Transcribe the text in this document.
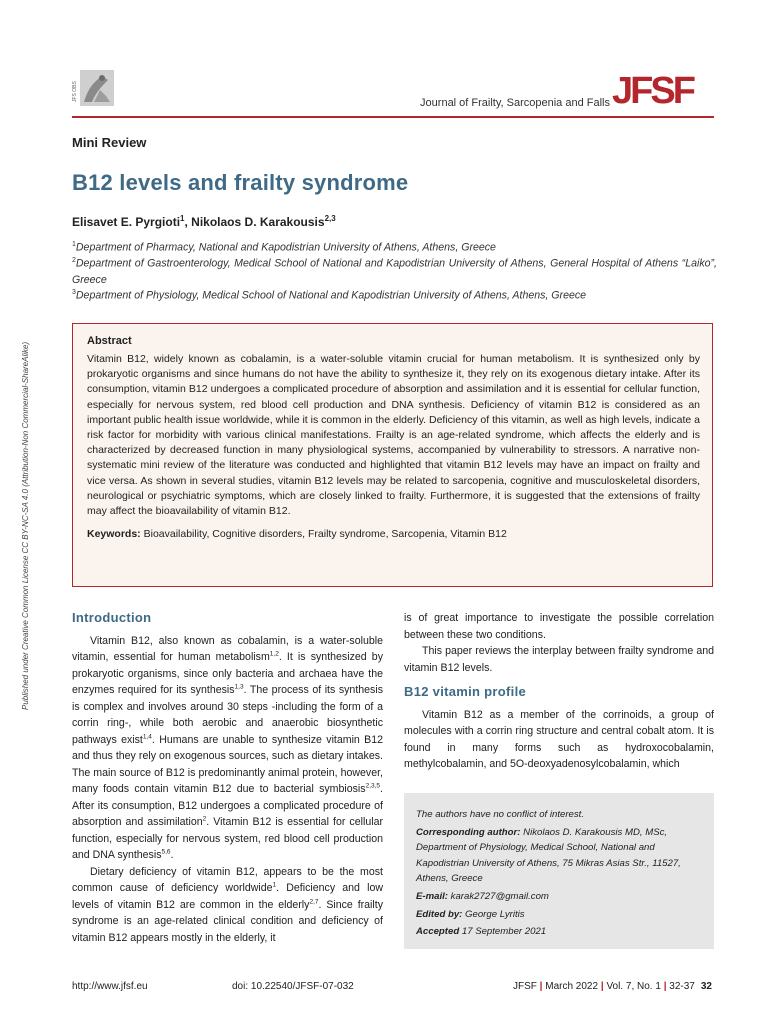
JFS OBS
Journal of Frailty, Sarcopenia and Falls JFSF
Mini Review
B12 levels and frailty syndrome
Elisavet E. Pyrgioti$^1$, Nikolaos D. Karakousis$^{2,3}$
$^1$Department of Pharmacy, National and Kapodistrian University of Athens, Athens, Greece
$^2$Department of Gastroenterology, Medical School of National and Kapodistrian University of Athens, General Hospital of Athens “Laiko”, Greece
$^3$Department of Physiology, Medical School of National and Kapodistrian University of Athens, Athens, Greece
Abstract
Vitamin B12, widely known as cobalamin, is a water-soluble vitamin crucial for human metabolism. It is synthesized only by prokaryotic organisms and since humans do not have the ability to synthesize it, they rely on its exogenous dietary intake. After its consumption, vitamin B12 undergoes a complicated procedure of absorption and assimilation and it is essential for cellular function, especially for nervous system, red blood cell production and DNA synthesis. Deficiency of vitamin B12 is considered as an important public health issue worldwide, while it is common in the elderly. Deficiency of this vitamin, as well as high levels, indicate a risk factor for morbidity with various clinical manifestations. Frailty is an age-related syndrome, which affects the elderly and is characterized by decreased function in many physiological systems, accompanied by vulnerability to stressors. A narrative non-systematic mini review of the literature was conducted and highlighted that vitamin B12 levels may have an impact on frailty and vice versa. As shown in several studies, vitamin B12 levels may be related to sarcopenia, cognitive and musculoskeletal disorders, neurological or psychiatric symptoms, which are closely linked to frailty. Furthermore, it is suggested that the extensions of frailty may affect the bioavailability of vitamin B12.
Keywords: Bioavailability, Cognitive disorders, Frailty syndrome, Sarcopenia, Vitamin B12
Introduction

Vitamin B12, also known as cobalamin, is a water-soluble vitamin, essential for human metabolism$^{1,2}$. It is synthesized by prokaryotic organisms, since only bacteria and archaea have the enzymes required for its synthesis$^{1,3}$. The process of its synthesis is complex and involves around 30 steps -including the form of a corrin ring-, while both aerobic and anaerobic biosynthetic pathways exist$^{1,4}$. Humans are unable to synthesize vitamin B12 and thus they rely on exogenous sources, such as dietary intakes. The main source of B12 is predominantly animal protein, however, many foods contain vitamin B12 due to bacterial symbiosis$^{2,3,5}$. After its consumption, B12 undergoes a complicated procedure of absorption and assimilation$^2$. Vitamin B12 is essential for cellular function, especially for nervous system, red blood cell production and DNA synthesis$^{5,6}$.

Dietary deficiency of vitamin B12, appears to be the most common cause of deficiency worldwide$^1$. Deficiency and low levels of vitamin B12 are common in the elderly$^{2,7}$. Since frailty syndrome is an age-related clinical condition and deficiency of vitamin B12 appears mostly in the elderly, it

is of great importance to investigate the possible correlation between these two conditions.

This paper reviews the interplay between frailty syndrome and vitamin B12 levels.

B12 vitamin profile

Vitamin B12 as a member of the corrinoids, a group of molecules with a corrin ring structure and central cobalt atom. It is found in many forms such as hydroxocobalamin, methylcobalamin, and 5O-deoxyadenosylcobalamin, which

The authors have no conflict of interest.
Corresponding author: Nikolaos D. Karakousis MD, MSc, Department of Physiology, Medical School, National and Kapodistrian University of Athens, 75 Mikras Asias Str., 11527, Athens, Greece
E-mail: karak2727@gmail.com
Edited by: George Lyritis
Accepted 17 September 2021
Published under Creative Common License CC BY-NC-SA 4.0 (Attribution-Non Commercial-ShareAlike)
http://www.jfsf.eu	doi: 10.22540/JFSF-07-032	JFSF | March 2022 | Vol. 7, No. 1 | 32-37 32
